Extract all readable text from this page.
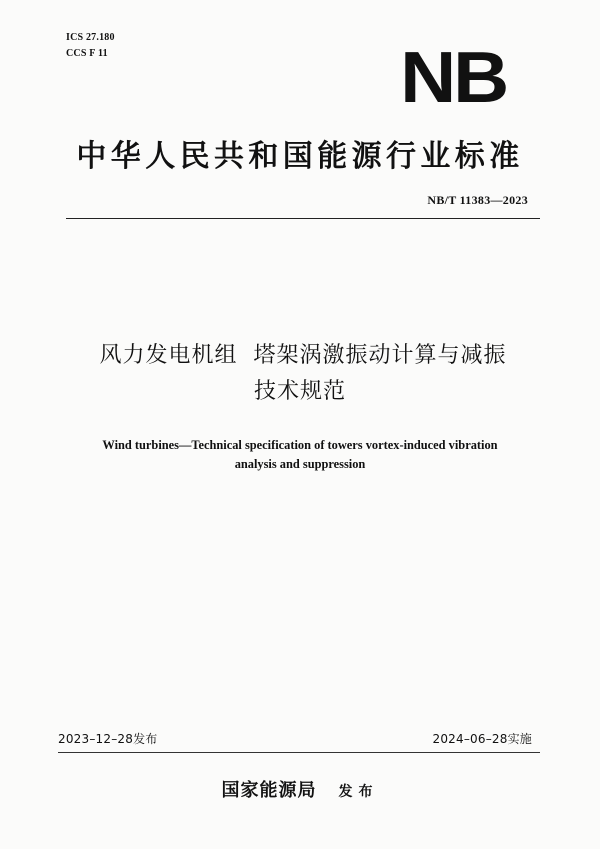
ICS 27.180
CCS F 11	NB
中华人民共和国能源行业标准
NB/T 11383—2023
风力发电机组  塔架涡激振动计算与减振
技术规范
Wind turbines—Technical specification of towers vortex-induced vibration
analysis and suppression
2023–12–28发布	2024–06–28实施
国家能源局 发布
